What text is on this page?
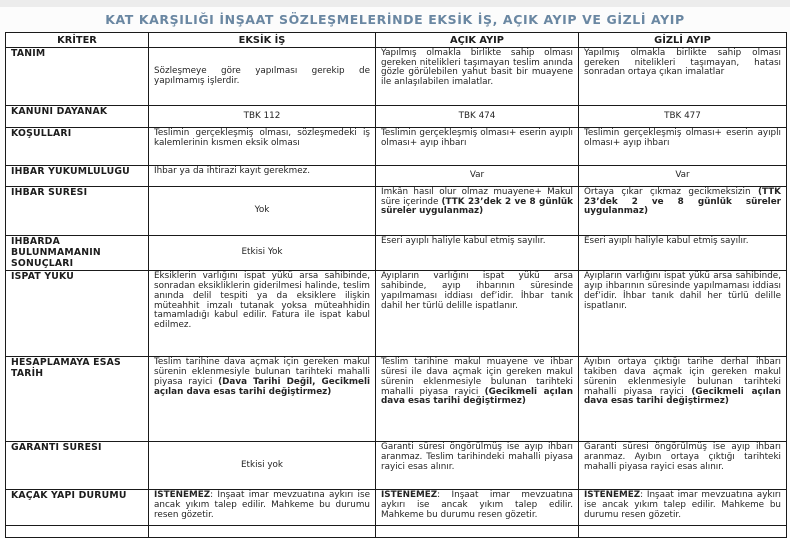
KAT KARŞILIĞI İNŞAAT SÖZLEŞMELERİNDE EKSİK İŞ, AÇIK AYIP VE GİZLİ AYIP
KRİTER	EKSİK İŞ	AÇIK AYIP	GİZLİ AYIP
TANIM	Sözleşmeye göre yapılması gerekip de yapılmamış işlerdir.	Yapılmış olmakla birlikte sahip olması gereken nitelikleri taşımayan teslim anında gözle görülebilen yahut basit bir muayene ile anlaşılabilen imalatlar.	Yapılmış olmakla birlikte sahip olması gereken nitelikleri taşımayan, hatası sonradan ortaya çıkan imalatlar
KANUNİ DAYANAK	TBK 112	TBK 474	TBK 477
KOŞULLARI	Teslimin gerçekleşmiş olması, sözleşmedeki iş kalemlerinin kısmen eksik olması	Teslimin gerçekleşmiş olması+ eserin ayıplı olması+ ayıp ihbarı	Teslimin gerçekleşmiş olması+ eserin ayıplı olması+ ayıp ihbarı
İHBAR YÜKÜMLÜLÜĞÜ	İhbar ya da ihtirazi kayıt gerekmez.	Var	Var
İHBAR SÜRESİ	Yok	İmkân hasıl olur olmaz muayene+ Makul süre içerinde (TTK 23’dek 2 ve 8 günlük süreler uygulanmaz)	Ortaya çıkar çıkmaz gecikmeksizin (TTK 23’dek 2 ve 8 günlük süreler uygulanmaz)
İHBARDA BULUNMAMANIN SONUÇLARI	Etkisi Yok	Eseri ayıplı haliyle kabul etmiş sayılır.	Eseri ayıplı haliyle kabul etmiş sayılır.
İSPAT YÜKÜ	Eksiklerin varlığını ispat yükü arsa sahibinde, sonradan eksikliklerin giderilmesi halinde, teslim anında delil tespiti ya da eksiklere ilişkin müteahhit imzalı tutanak yoksa müteahhidin tamamladığı kabul edilir. Fatura ile ispat kabul edilmez.	Ayıpların varlığını ispat yükü arsa sahibinde, ayıp ihbarının süresinde yapılmaması iddiası def’idir. İhbar tanık dahil her türlü delille ispatlanır.	Ayıpların varlığını ispat yükü arsa sahibinde, ayıp ihbarının süresinde yapılmaması iddiası def’idir. İhbar tanık dahil her türlü delille ispatlanır.
HESAPLAMAYA ESAS TARİH	Teslim tarihine dava açmak için gereken makul sürenin eklenmesiyle bulunan tarihteki mahalli piyasa rayici (Dava Tarihi Değil, Gecikmeli açılan dava esas tarihi değiştirmez)	Teslim tarihine makul muayene ve ihbar süresi ile dava açmak için gereken makul sürenin eklenmesiyle bulunan tarihteki mahalli piyasa rayici (Gecikmeli açılan dava esas tarihi değiştirmez)	Ayıbın ortaya çıktığı tarihe derhal ihbarı takiben dava açmak için gereken makul sürenin eklenmesiyle bulunan tarihteki mahalli piyasa rayici (Gecikmeli açılan dava esas tarihi değiştirmez)
GARANTİ SÜRESİ	Etkisi yok	Garanti süresi öngörülmüş ise ayıp ihbarı aranmaz. Teslim tarihindeki mahalli piyasa rayici esas alınır.	Garanti süresi öngörülmüş ise ayıp ihbarı aranmaz. Ayıbın ortaya çıktığı tarihteki mahalli piyasa rayici esas alınır.
KAÇAK YAPI DURUMU	İSTENEMEZ: İnşaat imar mevzuatına aykırı ise ancak yıkım talep edilir. Mahkeme bu durumu resen gözetir.	İSTENEMEZ: İnşaat imar mevzuatına aykırı ise ancak yıkım talep edilir. Mahkeme bu durumu resen gözetir.	İSTENEMEZ: İnşaat imar mevzuatına aykırı ise ancak yıkım talep edilir. Mahkeme bu durumu resen gözetir.
